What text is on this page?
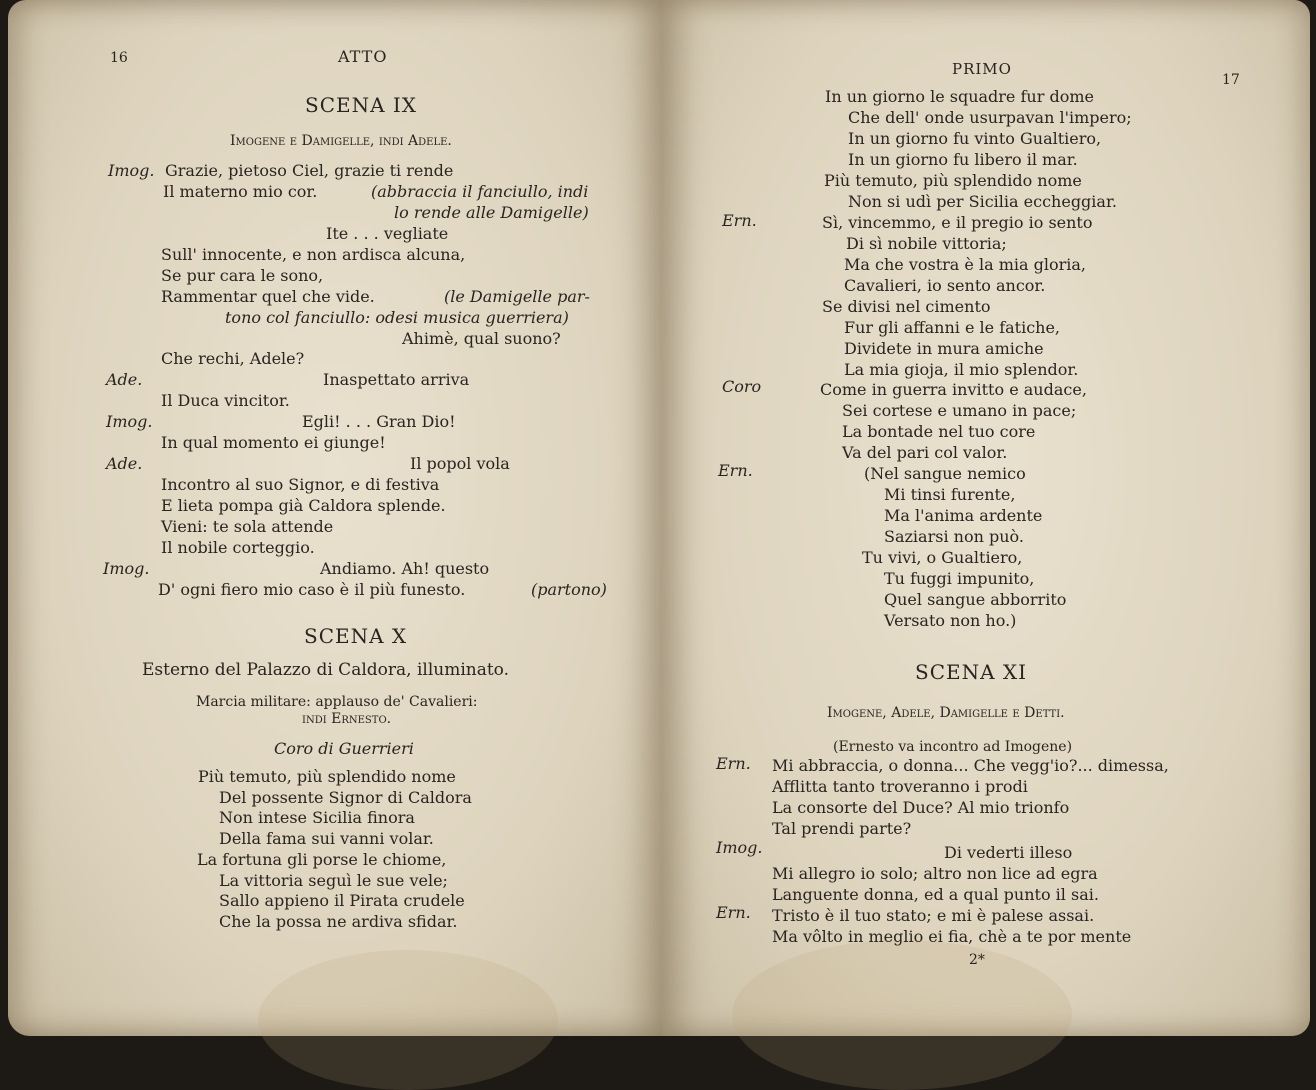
16	ATTO
SCENA IX
Imogene e Damigelle, indi Adele.
Imog. Grazie, pietoso Ciel, grazie ti rende
Il materno mio cor.	(abbraccia il fanciullo, indi
lo rende alle Damigelle)
Ite . . . vegliate
Sull' innocente, e non ardisca alcuna,
Se pur cara le sono,
Rammentar quel che vide.	(le Damigelle par-
tono col fanciullo: odesi musica guerriera)
Ahimè, qual suono?
Che rechi, Adele?
Ade.	Inaspettato arriva
Il Duca vincitor.
Imog.	Egli! . . . Gran Dio!
In qual momento ei giunge!
Ade.	Il popol vola
Incontro al suo Signor, e di festiva
E lieta pompa già Caldora splende.
Vieni: te sola attende
Il nobile corteggio.
Imog.	Andiamo. Ah! questo
D' ogni fiero mio caso è il più funesto.	(partono)
SCENA X
Esterno del Palazzo di Caldora, illuminato.
Marcia militare: applauso de' Cavalieri:
indi Ernesto.
Coro di Guerrieri
Più temuto, più splendido nome
Del possente Signor di Caldora
Non intese Sicilia finora
Della fama sui vanni volar.
La fortuna gli porse le chiome,
La vittoria seguì le sue vele;
Sallo appieno il Pirata crudele
Che la possa ne ardiva sfidar.
PRIMO
17
In un giorno le squadre fur dome
Che dell' onde usurpavan l'impero;
In un giorno fu vinto Gualtiero,
In un giorno fu libero il mar.
Più temuto, più splendido nome
Non si udì per Sicilia eccheggiar.
Ern.	Sì, vincemmo, e il pregio io sento
Di sì nobile vittoria;
Ma che vostra è la mia gloria,
Cavalieri, io sento ancor.
Se divisi nel cimento
Fur gli affanni e le fatiche,
Dividete in mura amiche
La mia gioja, il mio splendor.
Coro	Come in guerra invitto e audace,
Sei cortese e umano in pace;
La bontade nel tuo core
Va del pari col valor.
Ern.	(Nel sangue nemico
Mi tinsi furente,
Ma l'anima ardente
Saziarsi non può.
Tu vivi, o Gualtiero,
Tu fuggi impunito,
Quel sangue abborrito
Versato non ho.)
SCENA XI
Imogene, Adele, Damigelle e Detti.
(Ernesto va incontro ad Imogene)
Ern. Mi abbraccia, o donna... Che vegg'io?... dimessa,
Afflitta tanto troveranno i prodi
La consorte del Duce? Al mio trionfo
Tal prendi parte?
Imog.	Di vederti illeso
Mi allegro io solo; altro non lice ad egra
Languente donna, ed a qual punto il sai.
Ern. Tristo è il tuo stato; e mi è palese assai.
Ma vôlto in meglio ei fia, chè a te por mente
2*
